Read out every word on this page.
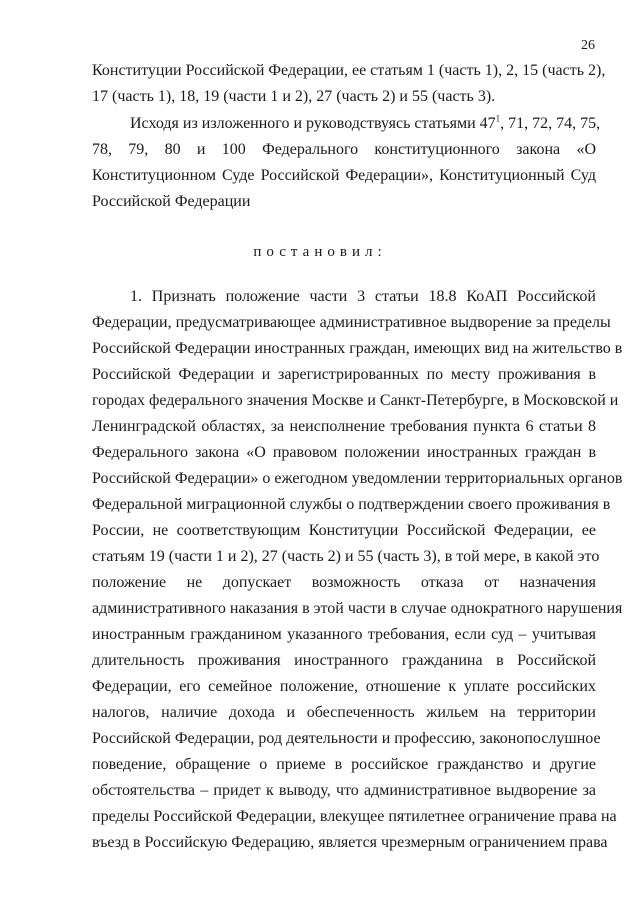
26
Конституции Российской Федерации, ее статьям 1 (часть 1), 2, 15 (часть 2),
17 (часть 1), 18, 19 (части 1 и 2), 27 (часть 2) и 55 (часть 3).
Исходя из изложенного и руководствуясь статьями $47^1$, 71, 72, 74, 75,
78, 79, 80 и 100 Федерального конституционного закона «О
Конституционном Суде Российской Федерации», Конституционный Суд
Российской Федерации
постановил:
1. Признать положение части 3 статьи 18.8 КоАП Российской
Федерации, предусматривающее административное выдворение за пределы
Российской Федерации иностранных граждан, имеющих вид на жительство в
Российской Федерации и зарегистрированных по месту проживания в
городах федерального значения Москве и Санкт-Петербурге, в Московской и
Ленинградской областях, за неисполнение требования пункта 6 статьи 8
Федерального закона «О правовом положении иностранных граждан в
Российской Федерации» о ежегодном уведомлении территориальных органов
Федеральной миграционной службы о подтверждении своего проживания в
России, не соответствующим Конституции Российской Федерации, ее
статьям 19 (части 1 и 2), 27 (часть 2) и 55 (часть 3), в той мере, в какой это
положение не допускает возможность отказа от назначения
административного наказания в этой части в случае однократного нарушения
иностранным гражданином указанного требования, если суд – учитывая
длительность проживания иностранного гражданина в Российской
Федерации, его семейное положение, отношение к уплате российских
налогов, наличие дохода и обеспеченность жильем на территории
Российской Федерации, род деятельности и профессию, законопослушное
поведение, обращение о приеме в российское гражданство и другие
обстоятельства – придет к выводу, что административное выдворение за
пределы Российской Федерации, влекущее пятилетнее ограничение права на
въезд в Российскую Федерацию, является чрезмерным ограничением права
